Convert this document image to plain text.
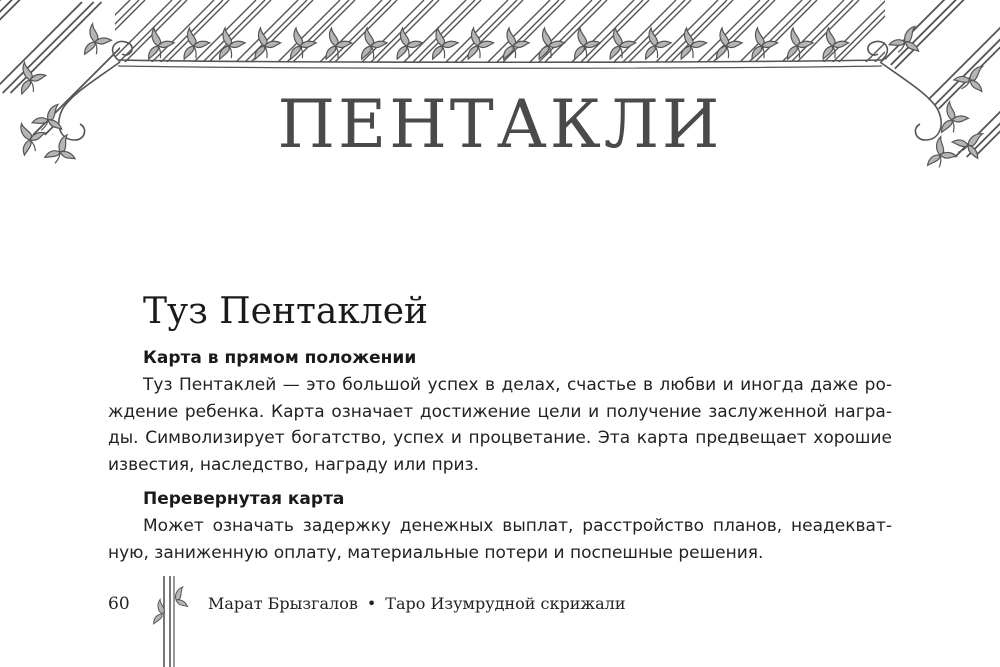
ПЕНТАКЛИ
Туз Пентаклей
Карта в прямом положении
Туз Пентаклей — это большой успех в делах, счастье в любви и иногда даже ро-
ждение ребенка. Карта означает достижение цели и получение заслуженной награ-
ды. Символизирует богатство, успех и процветание. Эта карта предвещает хорошие
известия, наследство, награду или приз.
Перевернутая карта
Может означать задержку денежных выплат, расстройство планов, неадекват-
ную, заниженную оплату, материальные потери и поспешные решения.
60	Марат Брызгалов • Таро Изумрудной скрижали
